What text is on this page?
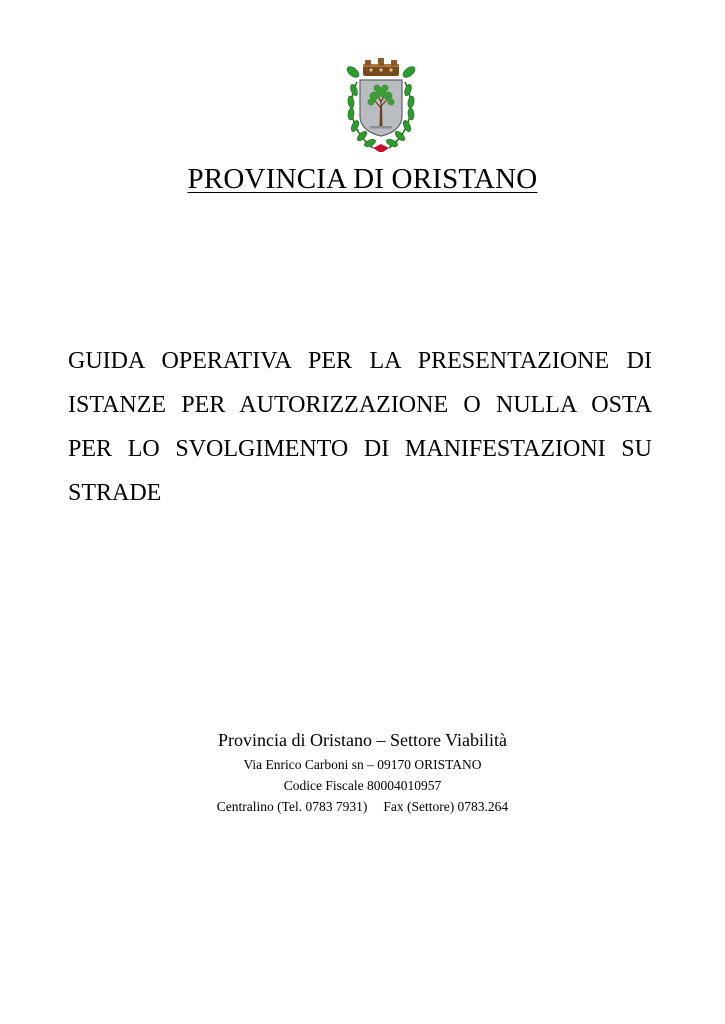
PROVINCIA DI ORISTANO
GUIDA OPERATIVA PER LA PRESENTAZIONE DI
ISTANZE PER AUTORIZZAZIONE O NULLA OSTA
PER LO SVOLGIMENTO DI MANIFESTAZIONI SU
STRADE
Provincia di Oristano – Settore Viabilità
Via Enrico Carboni sn – 09170 ORISTANO
Codice Fiscale 80004010957
Centralino (Tel. 0783 7931) Fax (Settore) 0783.264
